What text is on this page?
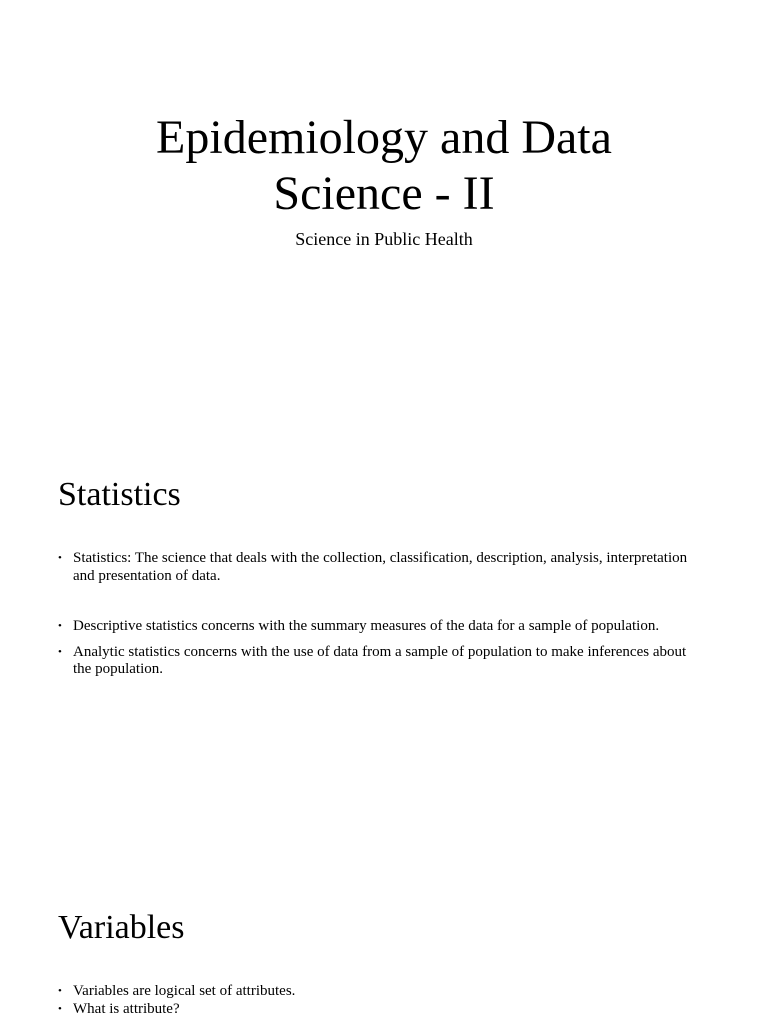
Epidemiology and Data
Science - II

Science in Public Health

Statistics
• Statistics: The science that deals with the collection, classification, description, analysis, interpretation and presentation of data.
• Descriptive statistics concerns with the summary measures of the data for a sample of population.
• Analytic statistics concerns with the use of data from a sample of population to make inferences about the population.
Variables
• Variables are logical set of attributes.
• What is attribute?
